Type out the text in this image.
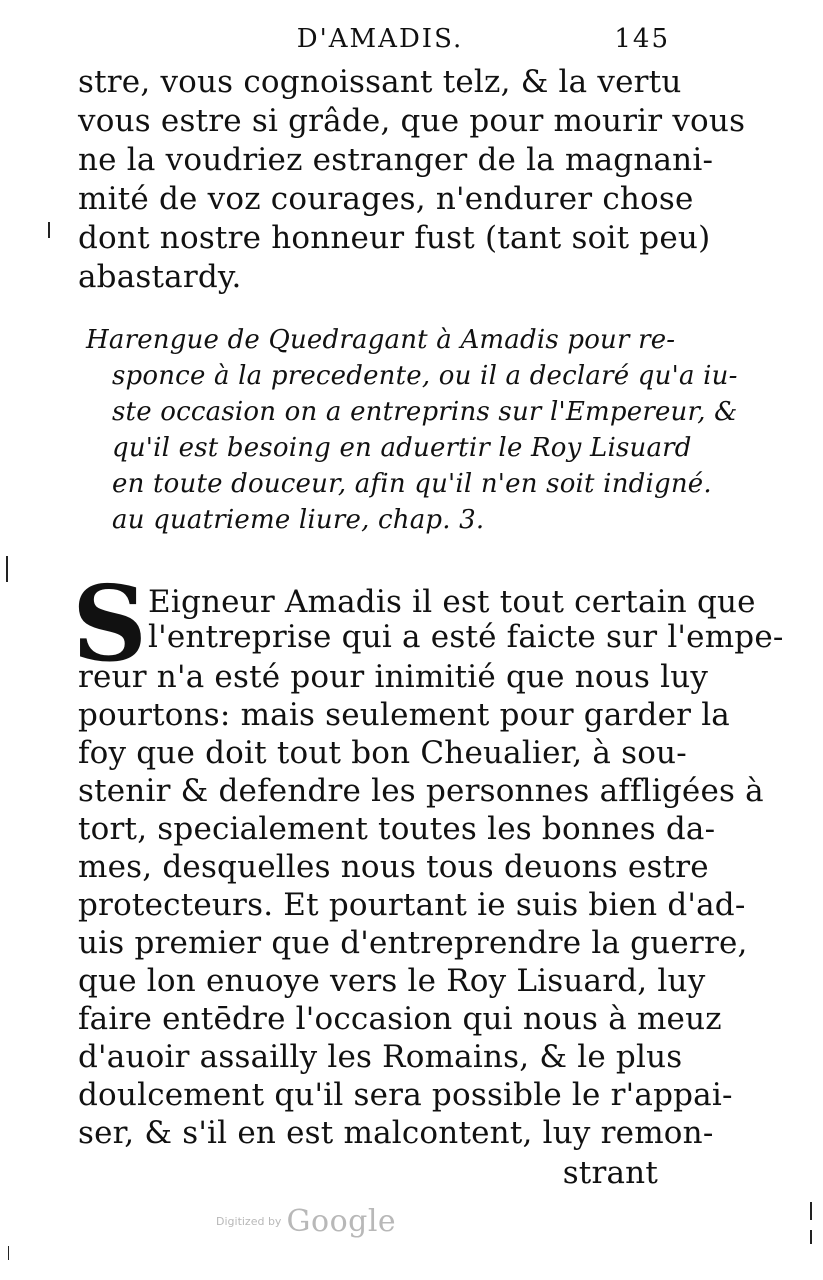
D'AMADIS.	145
stre, vous cognoissant telz, & la vertu
vous estre si grâde, que pour mourir vous
ne la voudriez estranger de la magnani-
mité de voz courages, n'endurer chose
dont nostre honneur fust (tant soit peu)
abastardy.
Harengue de Quedragant à Amadis pour re-
sponce à la precedente, ou il a declaré qu'a iu-
ste occasion on a entreprins sur l'Empereur, &
qu'il est besoing en aduertir le Roy Lisuard
en toute douceur, afin qu'il n'en soit indigné.
au quatrieme liure, chap. 3.
S Eigneur Amadis il est tout certain que
l'entreprise qui a esté faicte sur l'empe-
reur n'a esté pour inimitié que nous luy
pourtons: mais seulement pour garder la
foy que doit tout bon Cheualier, à sou-
stenir & defendre les personnes affligées à
tort, specialement toutes les bonnes da-
mes, desquelles nous tous deuons estre
protecteurs. Et pourtant ie suis bien d'ad-
uis premier que d'entreprendre la guerre,
que lon enuoye vers le Roy Lisuard, luy
faire entēdre l'occasion qui nous à meuz
d'auoir assailly les Romains, & le plus
doulcement qu'il sera possible le r'appai-
ser, & s'il en est malcontent, luy remon-
strant
Digitized by Google
